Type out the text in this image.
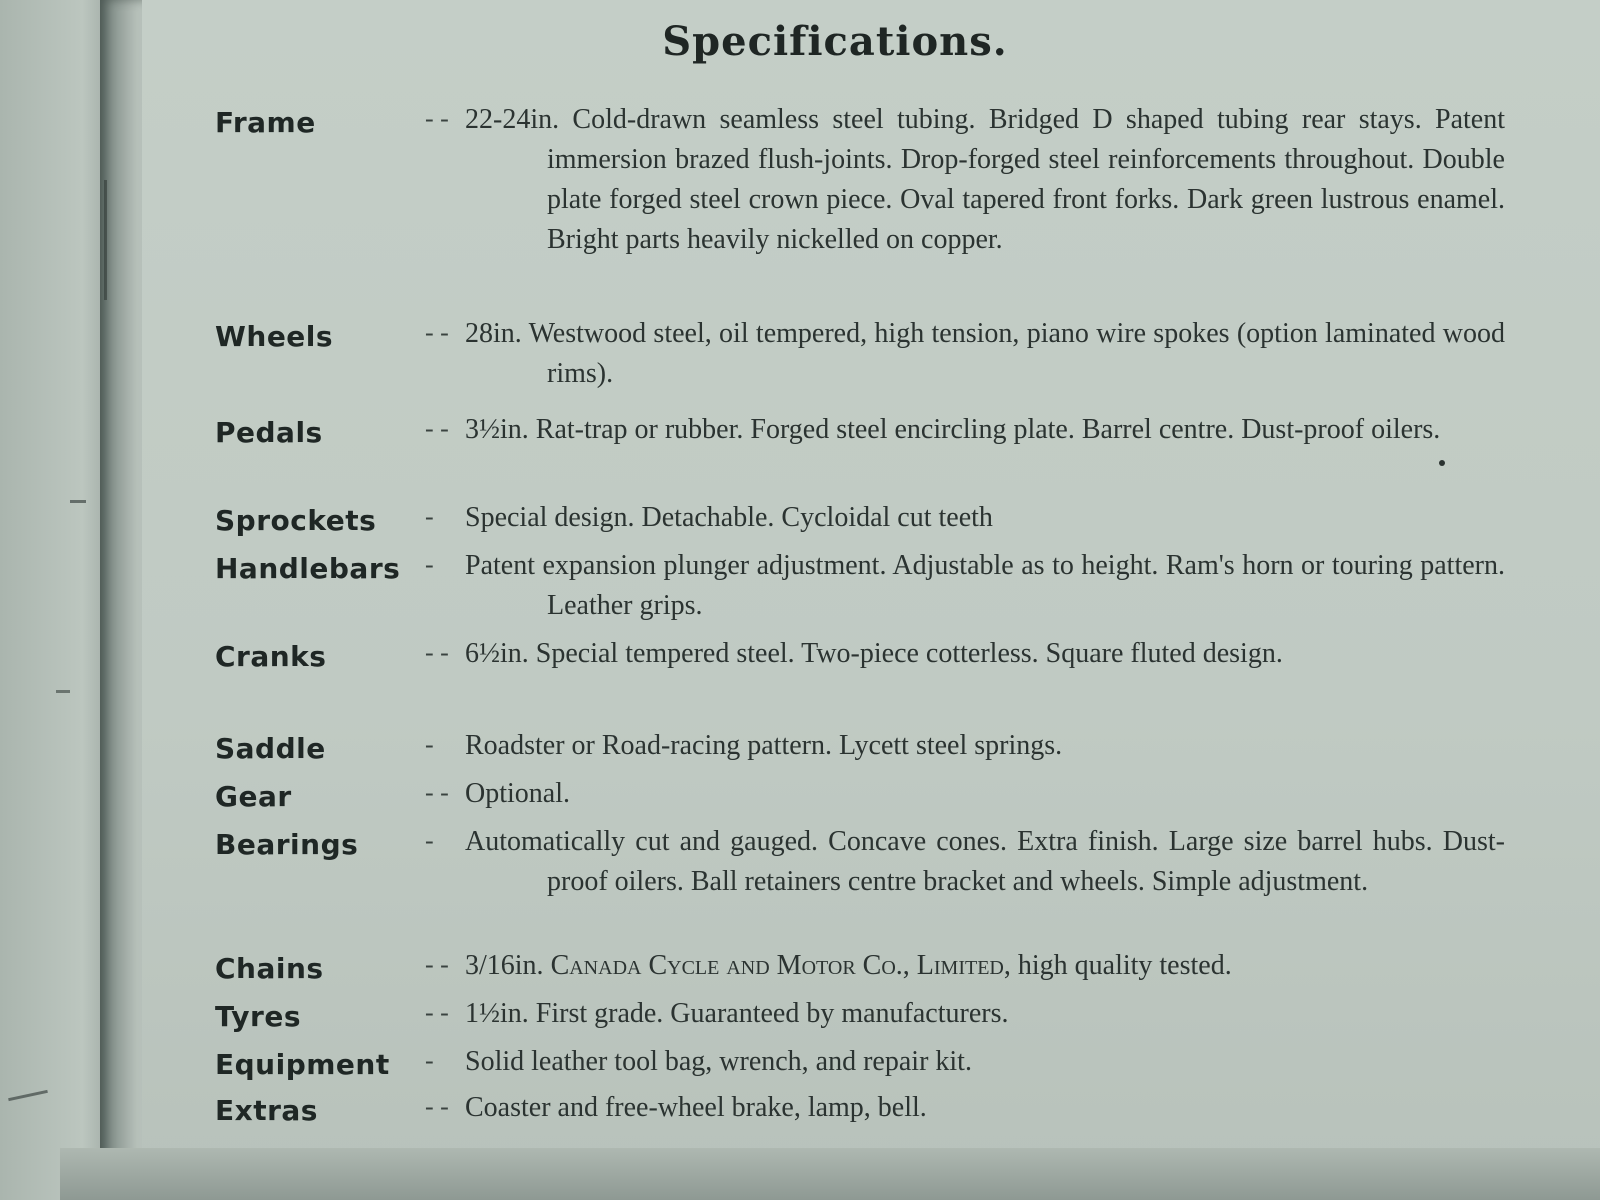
Specifications.
Frame	- - 22-24in. Cold-drawn seamless steel tubing. Bridged D shaped tubing rear stays. Patent immersion brazed flush-joints. Drop-forged steel reinforcements throughout. Double plate forged steel crown piece. Oval tapered front forks. Dark green lustrous enamel. Bright parts heavily nickelled on copper.
Wheels	- - 28in. Westwood steel, oil tempered, high tension, piano wire spokes (option laminated wood rims).
Pedals	- - 3½in. Rat-trap or rubber. Forged steel encircling plate. Barrel centre. Dust-proof oilers.
Sprockets	-	Special design. Detachable. Cycloidal cut teeth
Handlebars -	Patent expansion plunger adjustment. Adjustable as to height. Ram's horn or touring pattern. Leather grips.
Cranks	- - 6½in. Special tempered steel. Two-piece cotterless. Square fluted design.
Saddle	-	Roadster or Road-racing pattern. Lycett steel springs.
Gear	- - Optional.
Bearings	-	Automatically cut and gauged. Concave cones. Extra finish. Large size barrel hubs. Dust-proof oilers. Ball retainers centre bracket and wheels. Simple adjustment.
Chains	- - 3/16in. Canada Cycle and Motor Co., Limited, high quality tested.
Tyres	- - 1½in. First grade. Guaranteed by manufacturers.
Equipment	-	Solid leather tool bag, wrench, and repair kit.
Extras	- - Coaster and free-wheel brake, lamp, bell.
